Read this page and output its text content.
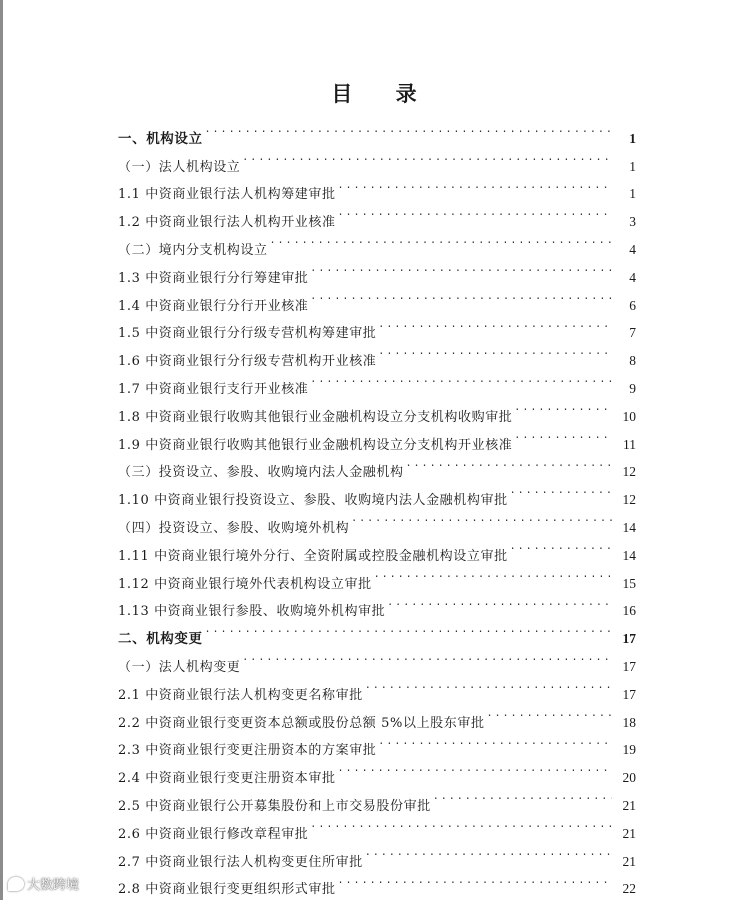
目 录
一、机构设立 . . .	1
（一）法人机构设立 . . .	1
1.1 中资商业银行法人机构筹建审批 . . .	1
1.2 中资商业银行法人机构开业核准 . . .	3
（二）境内分支机构设立 . . .	4
1.3 中资商业银行分行筹建审批 . . .	4
1.4 中资商业银行分行开业核准 . . .	6
1.5 中资商业银行分行级专营机构筹建审批 . . .	7
1.6 中资商业银行分行级专营机构开业核准 . . .	8
1.7 中资商业银行支行开业核准 . . .	9
1.8 中资商业银行收购其他银行业金融机构设立分支机构收购审批 . . .	10
1.9 中资商业银行收购其他银行业金融机构设立分支机构开业核准 . . .	11
（三）投资设立、参股、收购境内法人金融机构 . . .	12
1.10 中资商业银行投资设立、参股、收购境内法人金融机构审批 . . .	12
（四）投资设立、参股、收购境外机构 . . .	14
1.11 中资商业银行境外分行、全资附属或控股金融机构设立审批 . . .	14
1.12 中资商业银行境外代表机构设立审批 . . .	15
1.13 中资商业银行参股、收购境外机构审批 . . .	16
二、机构变更 . . .	17
（一）法人机构变更 . . .	17
2.1 中资商业银行法人机构变更名称审批 . . .	17
2.2 中资商业银行变更资本总额或股份总额 5%以上股东审批 . . .	18
2.3 中资商业银行变更注册资本的方案审批 . . .	19
2.4 中资商业银行变更注册资本审批 . . .	20
2.5 中资商业银行公开募集股份和上市交易股份审批 . . .	21
2.6 中资商业银行修改章程审批 . . .	21
2.7 中资商业银行法人机构变更住所审批 . . .	21
2.8 中资商业银行变更组织形式审批 . . .	22
大数跨境
